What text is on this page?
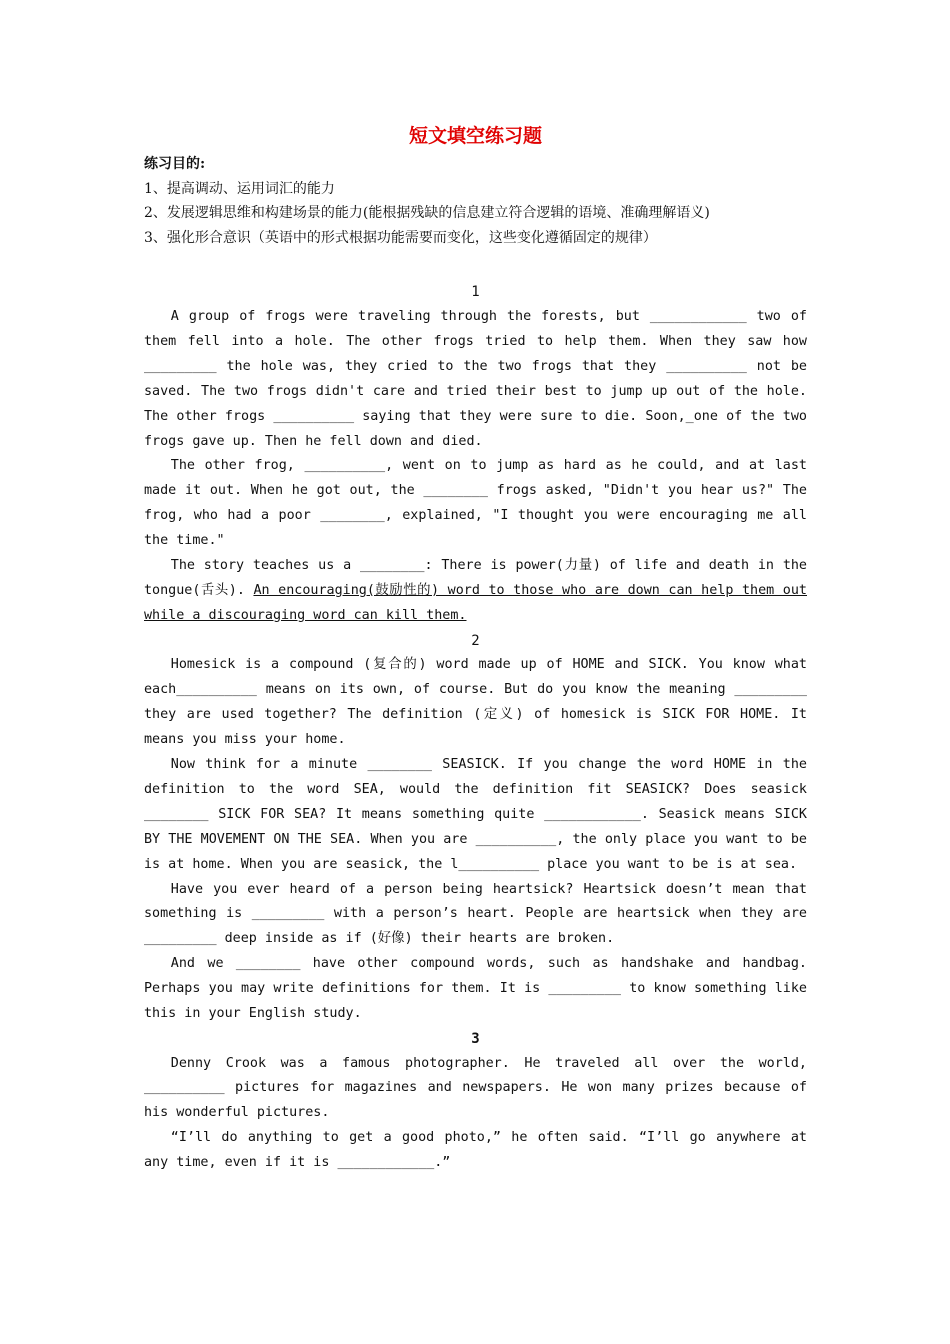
短文填空练习题

练习目的:

1、提高调动、运用词汇的能力

2、发展逻辑思维和构建场景的能力(能根据残缺的信息建立符合逻辑的语境、准确理解语义)

3、强化形合意识（英语中的形式根据功能需要而变化，这些变化遵循固定的规律）

1

A group of frogs were traveling through the forests, but ____________ two of them fell into a hole. The other frogs tried to help them. When they saw how _________ the hole was, they cried to the two frogs that they __________ not be saved. The two frogs didn't care and tried their best to jump up out of the hole. The other frogs __________ saying that they were sure to die. Soon,_one of the two frogs gave up. Then he fell down and died.

The other frog, __________, went on to jump as hard as he could, and at last made it out. When he got out, the ________ frogs asked, "Didn't you hear us?" The frog, who had a poor ________, explained, "I thought you were encouraging me all the time."

The story teaches us a ________: There is power(力量) of life and death in the tongue(舌头). An encouraging(鼓励性的) word to those who are down can help them out while a discouraging word can kill them.

2

Homesick is a compound (复合的) word made up of HOME and SICK. You know what each__________ means on its own, of course. But do you know the meaning _________ they are used together? The definition (定义) of homesick is SICK FOR HOME. It means you miss your home.

Now think for a minute ________ SEASICK. If you change the word HOME in the definition to the word SEA, would the definition fit SEASICK? Does seasick ________ SICK FOR SEA? It means something quite ____________. Seasick means SICK BY THE MOVEMENT ON THE SEA. When you are __________, the only place you want to be is at home. When you are seasick, the l__________ place you want to be is at sea.

Have you ever heard of a person being heartsick? Heartsick doesn’t mean that something is _________ with a person’s heart. People are heartsick when they are _________ deep inside as if (好像) their hearts are broken.

And we ________ have other compound words, such as handshake and handbag. Perhaps you may write definitions for them. It is _________ to know something like this in your English study.

3

Denny Crook was a famous photographer. He traveled all over the world, __________ pictures for magazines and newspapers. He won many prizes because of his wonderful pictures.

“I’ll do anything to get a good photo,” he often said. “I’ll go anywhere at any time, even if it is ____________.”
